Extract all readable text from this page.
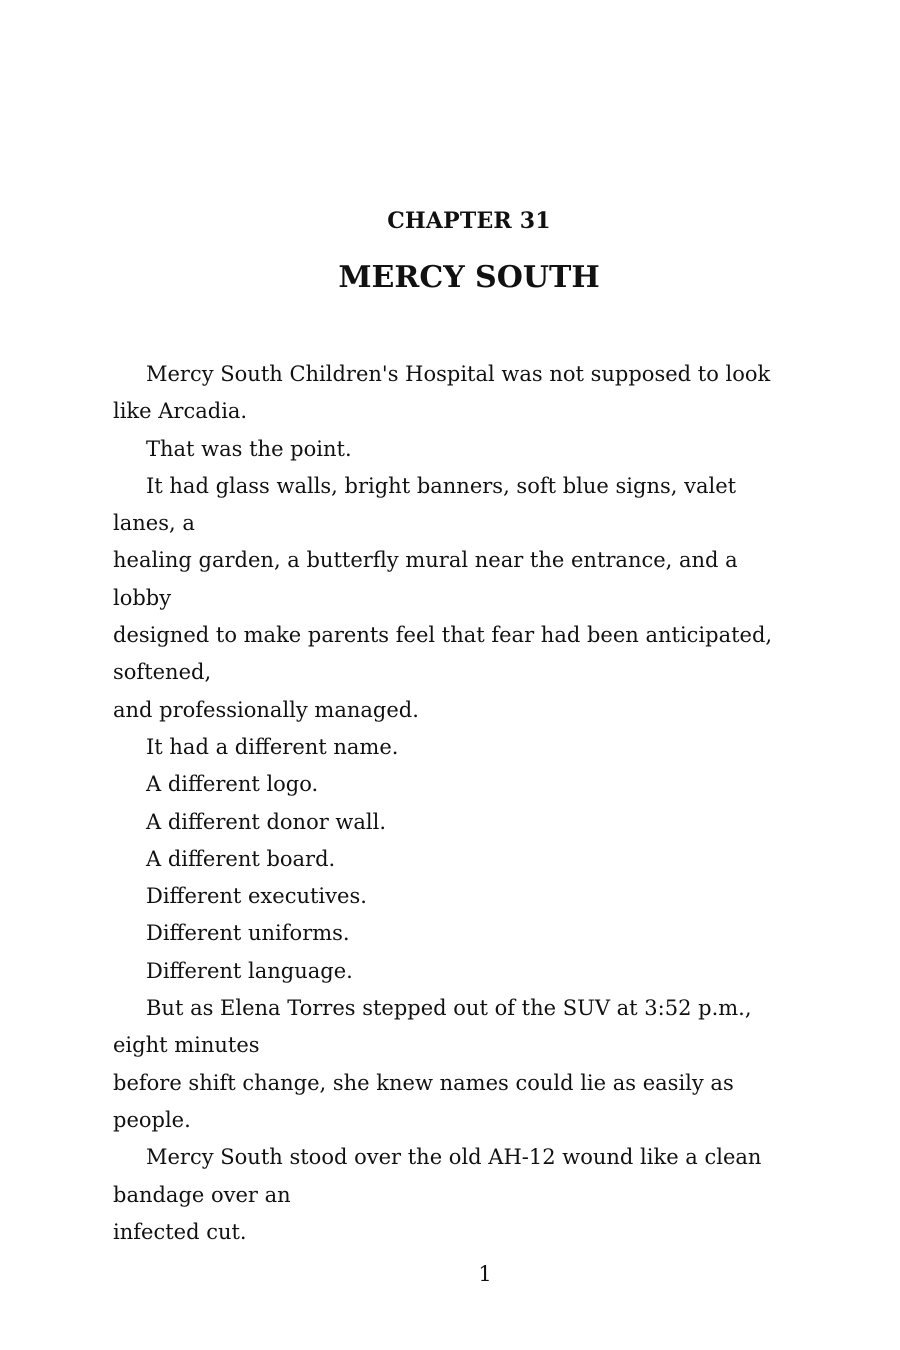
CHAPTER 31
MERCY SOUTH
Mercy South Children's Hospital was not supposed to look
like Arcadia.
That was the point.
It had glass walls, bright banners, soft blue signs, valet
lanes, a
healing garden, a butterfly mural near the entrance, and a
lobby
designed to make parents feel that fear had been anticipated,
softened,
and professionally managed.
It had a different name.
A different logo.
A different donor wall.
A different board.
Different executives.
Different uniforms.
Different language.
But as Elena Torres stepped out of the SUV at 3:52 p.m.,
eight minutes
before shift change, she knew names could lie as easily as
people.
Mercy South stood over the old AH-12 wound like a clean
bandage over an
infected cut.
1
